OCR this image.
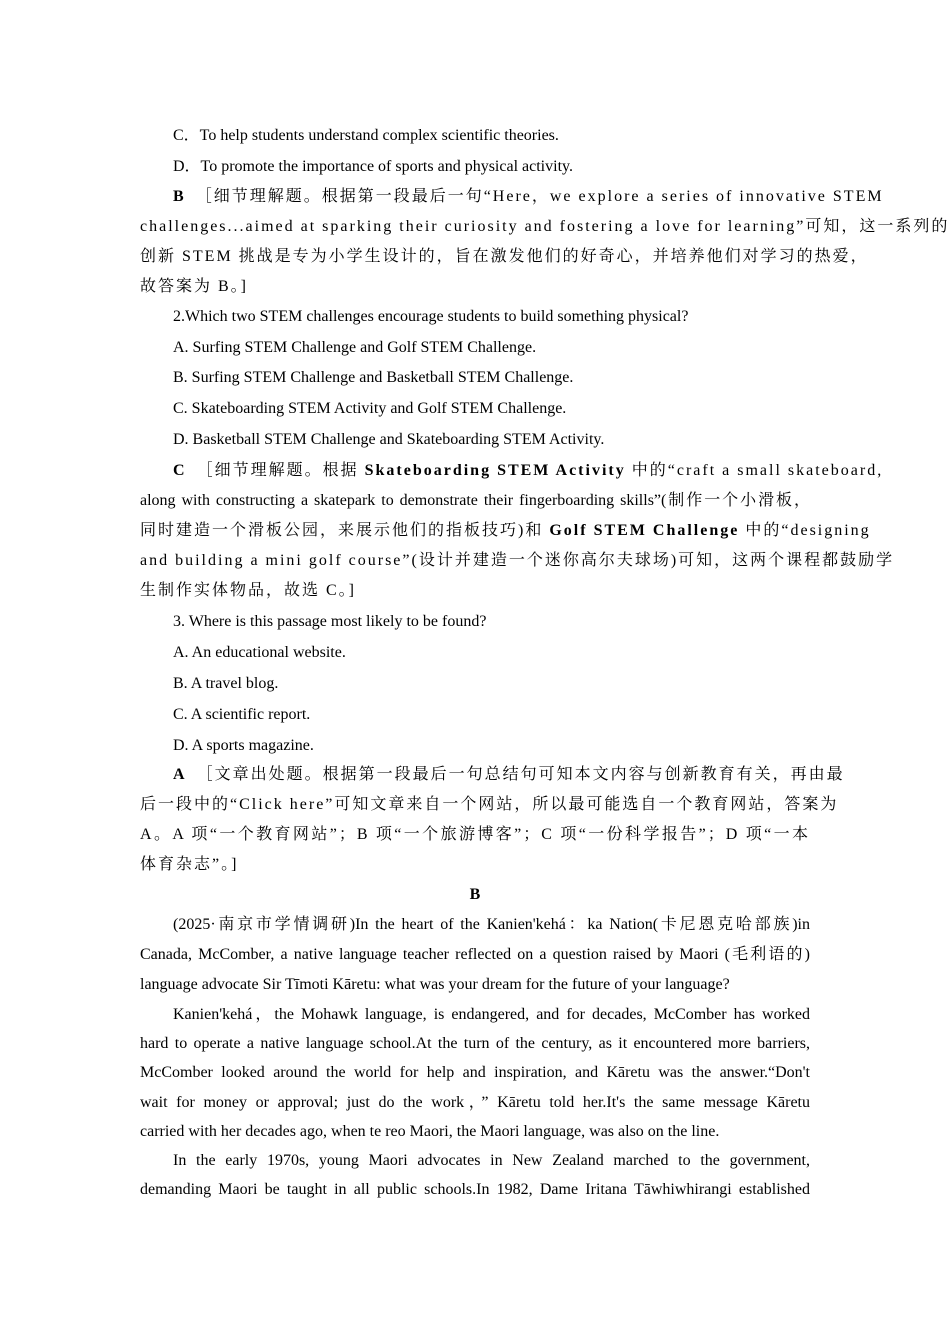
C．To help students understand complex scientific theories.
D．To promote the importance of sports and physical activity.
B　 ［细节理解题。根据第一段最后一句“Here，we explore a series of innovative STEM
challenges...aimed at sparking their curiosity and fostering a love for learning”可知，这一系列的
创新 STEM 挑战是专为小学生设计的，旨在激发他们的好奇心，并培养他们对学习的热爱，
故答案为 B。]
2.Which two STEM challenges encourage students to build something physical?
A. Surfing STEM Challenge and Golf STEM Challenge.
B. Surfing STEM Challenge and Basketball STEM Challenge.
C. Skateboarding STEM Activity and Golf STEM Challenge.
D. Basketball STEM Challenge and Skateboarding STEM Activity.
C　 ［细节理解题。根据 Skateboarding STEM Activity 中的“craft a small skateboard,
along with constructing a skatepark to demonstrate their fingerboarding skills”(制作一个小滑板，
同时建造一个滑板公园，来展示他们的指板技巧)和 Golf STEM Challenge 中的“designing
and building a mini golf course”(设计并建造一个迷你高尔夫球场)可知，这两个课程都鼓励学
生制作实体物品，故选 C。]
3. Where is this passage most likely to be found?
A. An educational website.
B. A travel blog.
C. A scientific report.
D. A sports magazine.
A　 ［文章出处题。根据第一段最后一句总结句可知本文内容与创新教育有关，再由最
后一段中的“Click here”可知文章来自一个网站，所以最可能选自一个教育网站，答案为
A。A 项“一个教育网站”；B 项“一个旅游博客”；C 项“一份科学报告”；D 项“一本
体育杂志”。]
B
(2025·南京市学情调研)In the heart of the Kanien'kehá：ka Nation(卡尼恩克哈部族)in
Canada, McComber, a native language teacher reflected on a question raised by Maori (毛利语的)
language advocate Sir Tīmoti Kāretu: what was your dream for the future of your language?
Kanien'kehá，the Mohawk language, is endangered, and for decades, McComber has worked
hard to operate a native language school.At the turn of the century, as it encountered more barriers,
McComber looked around the world for help and inspiration, and Kāretu was the answer.“Don't
wait for money or approval; just do the work，” Kāretu told her.It's the same message Kāretu
carried with her decades ago, when te reo Maori, the Maori language, was also on the line.
In the early 1970s, young Maori advocates in New Zealand marched to the government,
demanding Maori be taught in all public schools.In 1982, Dame Iritana Tāwhiwhirangi established
